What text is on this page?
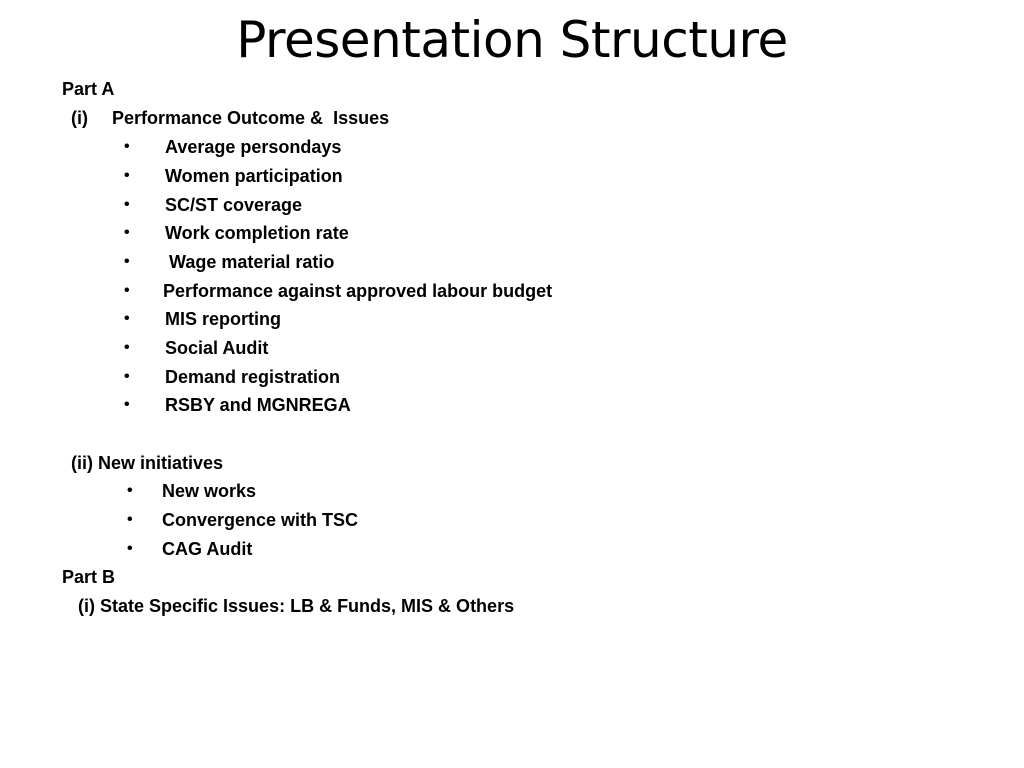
Presentation Structure
Part A
(i) Performance Outcome &  Issues
• Average persondays
• Women participation
• SC/ST coverage
• Work completion rate
• Wage material ratio
• Performance against approved labour budget
• MIS reporting
• Social Audit
• Demand registration
• RSBY and MGNREGA
(ii) New initiatives
• New works
• Convergence with TSC
• CAG Audit
Part B
(i) State Specific Issues: LB & Funds, MIS & Others
